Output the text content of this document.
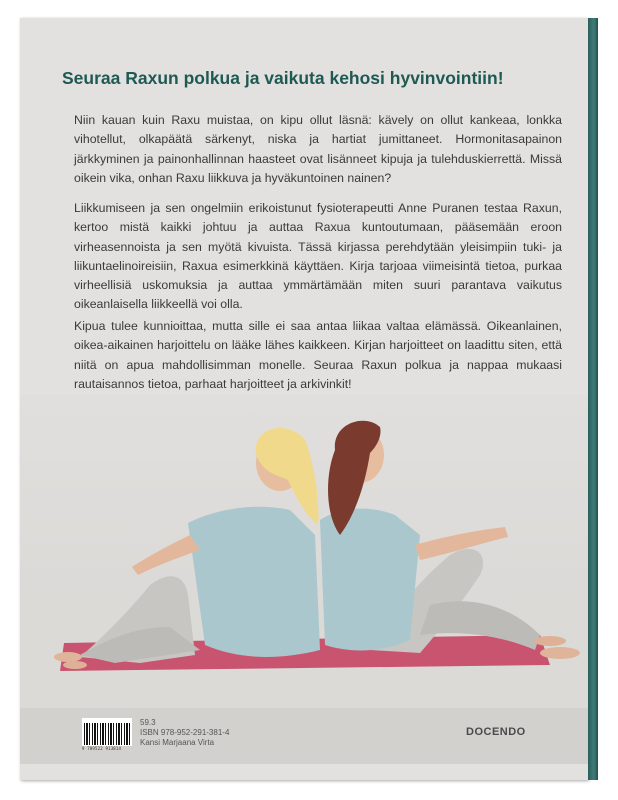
Seuraa Raxun polkua ja vaikuta kehosi hyvinvointiin!

Niin kauan kuin Raxu muistaa, on kipu ollut läsnä: kävely on ollut kankeaa, lonkka vihotellut, olkapäätä särkenyt, niska ja hartiat jumittaneet. Hormonitasapainon järkkyminen ja painonhallinnan haasteet ovat lisänneet kipuja ja tulehduskierrettä. Missä oikein vika, onhan Raxu liikkuva ja hyväkuntoinen nainen?

Liikkumiseen ja sen ongelmiin erikoistunut fysioterapeutti Anne Puranen testaa Raxun, kertoo mistä kaikki johtuu ja auttaa Raxua kuntoutumaan, pääsemään eroon virheasennoista ja sen myötä kivuista. Tässä kirjassa perehdytään yleisimpiin tuki- ja liikuntaelinoireisiin, Raxua esimerkkinä käyttäen. Kirja tarjoaa viimeisintä tietoa, purkaa virheellisiä uskomuksia ja auttaa ymmärtämään miten suuri parantava vaikutus oikeanlaisella liikkeellä voi olla.

Kipua tulee kunnioittaa, mutta sille ei saa antaa liikaa valtaa elämässä. Oikeanlainen, oikea-aikainen harjoittelu on lääke lähes kaikkeen. Kirjan harjoitteet on laadittu siten, että niitä on apua mahdollisimman monelle. Seuraa Raxun polkua ja nappaa mukaasi rautaisannos tietoa, parhaat harjoitteet ja arkivinkit!

9 789522 913814
59.3
ISBN 978-952-291-381-4
Kansi Marjaana Virta
DOCENDO
